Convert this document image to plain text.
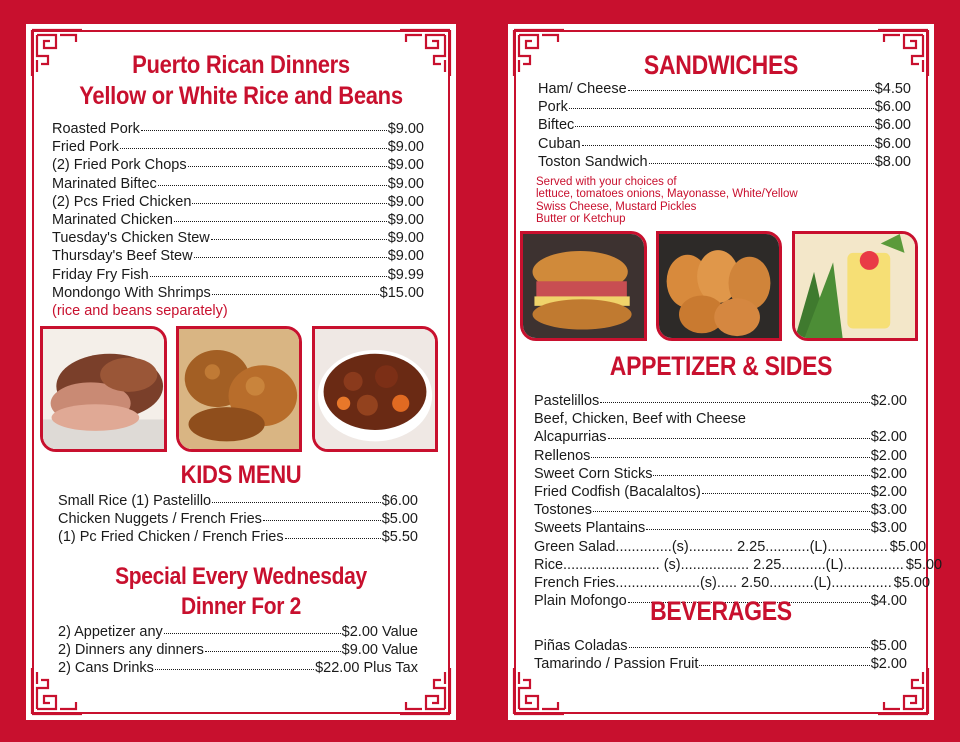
Puerto Rican Dinners
Yellow or White Rice and Beans
Roasted Pork	$9.00
Fried Pork	$9.00
(2) Fried Pork Chops	$9.00
Marinated Biftec	$9.00
(2) Pcs Fried Chicken	$9.00
Marinated Chicken	$9.00
Tuesday's Chicken Stew	$9.00
Thursday's Beef Stew	$9.00
Friday Fry Fish	$9.99
Mondongo With Shrimps	$15.00
(rice and beans separately)
KIDS MENU
Small Rice (1) Pastelillo	$6.00
Chicken Nuggets / French Fries	$5.00
(1) Pc Fried Chicken / French Fries	$5.50
Special Every Wednesday
Dinner For 2
2) Appetizer any	$2.00 Value
2) Dinners any dinners	$9.00 Value
2) Cans Drinks	$22.00 Plus Tax
SANDWICHES
Ham/ Cheese	$4.50
Pork	$6.00
Biftec	$6.00
Cuban	$6.00
Toston Sandwich	$8.00
Served with your choices of
lettuce, tomatoes onions, Mayonasse, White/Yellow
Swiss Cheese, Mustard Pickles
Butter or Ketchup
APPETIZER & SIDES
Pastelillos	$2.00
Beef, Chicken, Beef with Cheese
Alcapurrias	$2.00
Rellenos	$2.00
Sweet Corn Sticks	$2.00
Fried Codfish (Bacalaltos)	$2.00
Tostones	$3.00
Sweets Plantains	$3.00
Green Salad..............(s)........... 2.25...........(L)............... $5.00
Rice........................ (s)................. 2.25...........(L)............... $5.00
French Fries.....................(s)..... 2.50...........(L)............... $5.00
Plain Mofongo	$4.00
BEVERAGES
Piñas Coladas	$5.00
Tamarindo / Passion Fruit	$2.00
